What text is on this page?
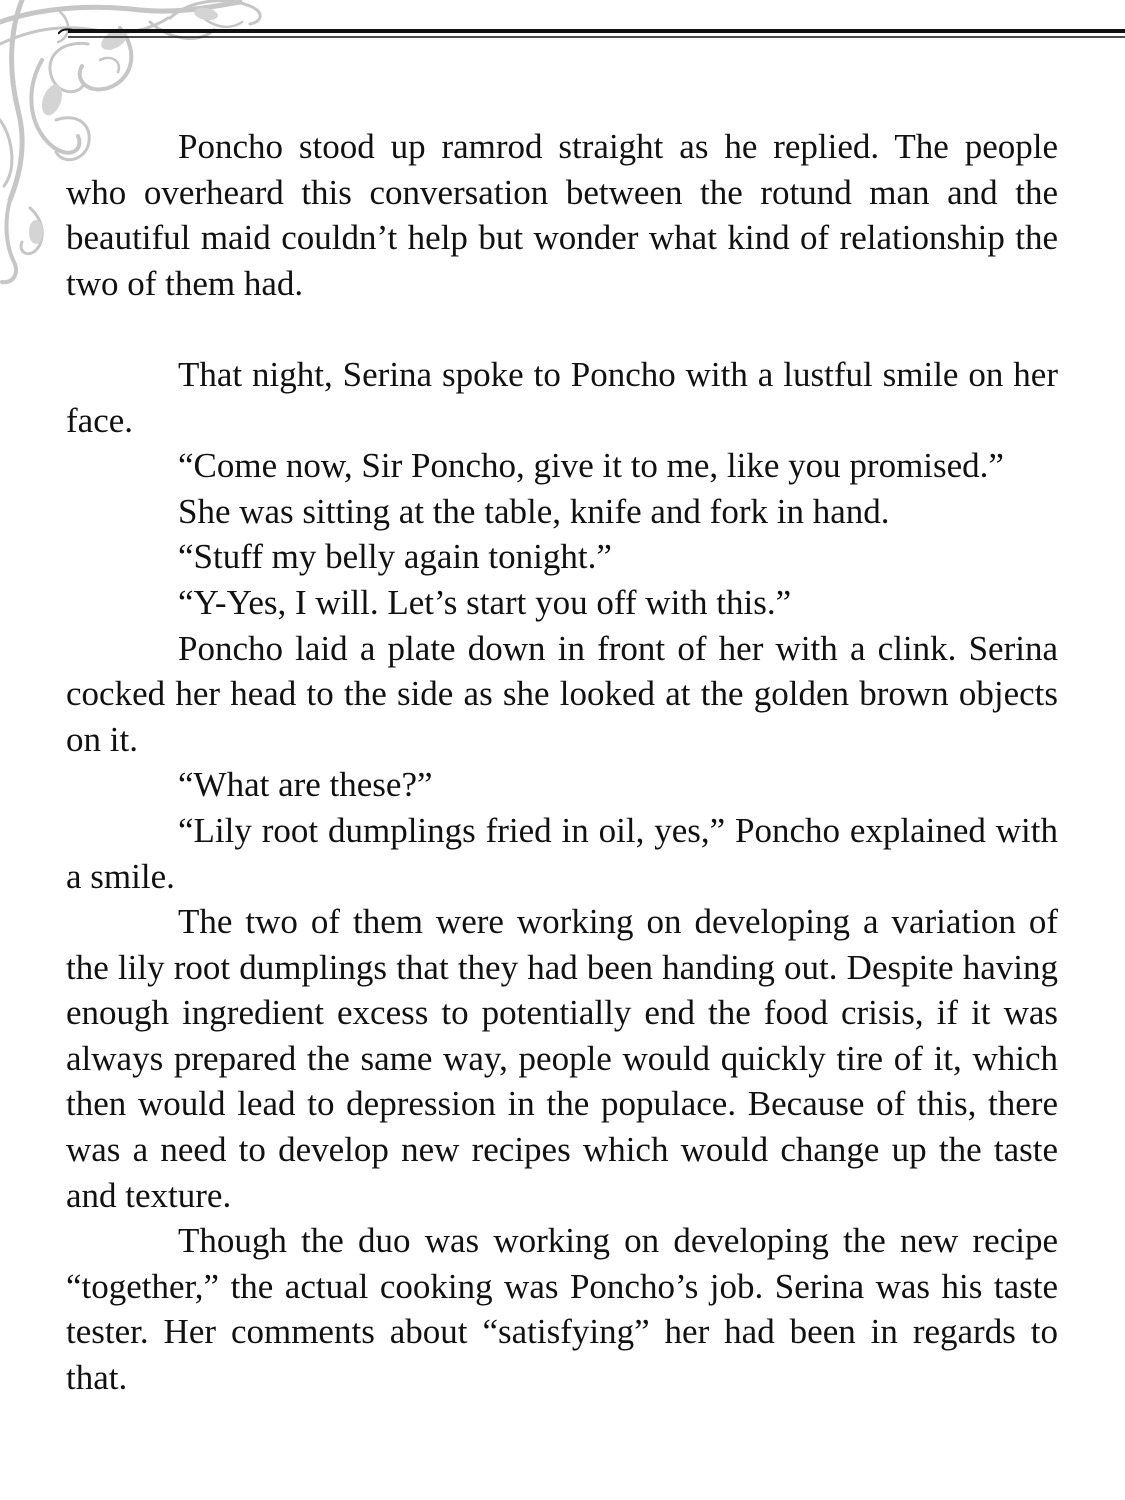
Poncho stood up ramrod straight as he replied. The people who overheard this conversation between the rotund man and the beautiful maid couldn’t help but wonder what kind of relationship the two of them had.

That night, Serina spoke to Poncho with a lustful smile on her face.

“Come now, Sir Poncho, give it to me, like you promised.”

She was sitting at the table, knife and fork in hand.

“Stuff my belly again tonight.”

“Y-Yes, I will. Let’s start you off with this.”

Poncho laid a plate down in front of her with a clink. Serina cocked her head to the side as she looked at the golden brown objects on it.

“What are these?”

“Lily root dumplings fried in oil, yes,” Poncho explained with a smile.

The two of them were working on developing a variation of the lily root dumplings that they had been handing out. Despite having enough ingredient excess to potentially end the food crisis, if it was always prepared the same way, people would quickly tire of it, which then would lead to depression in the populace. Because of this, there was a need to develop new recipes which would change up the taste and texture.

Though the duo was working on developing the new recipe “together,” the actual cooking was Poncho’s job. Serina was his taste tester. Her comments about “satisfying” her had been in regards to that.
